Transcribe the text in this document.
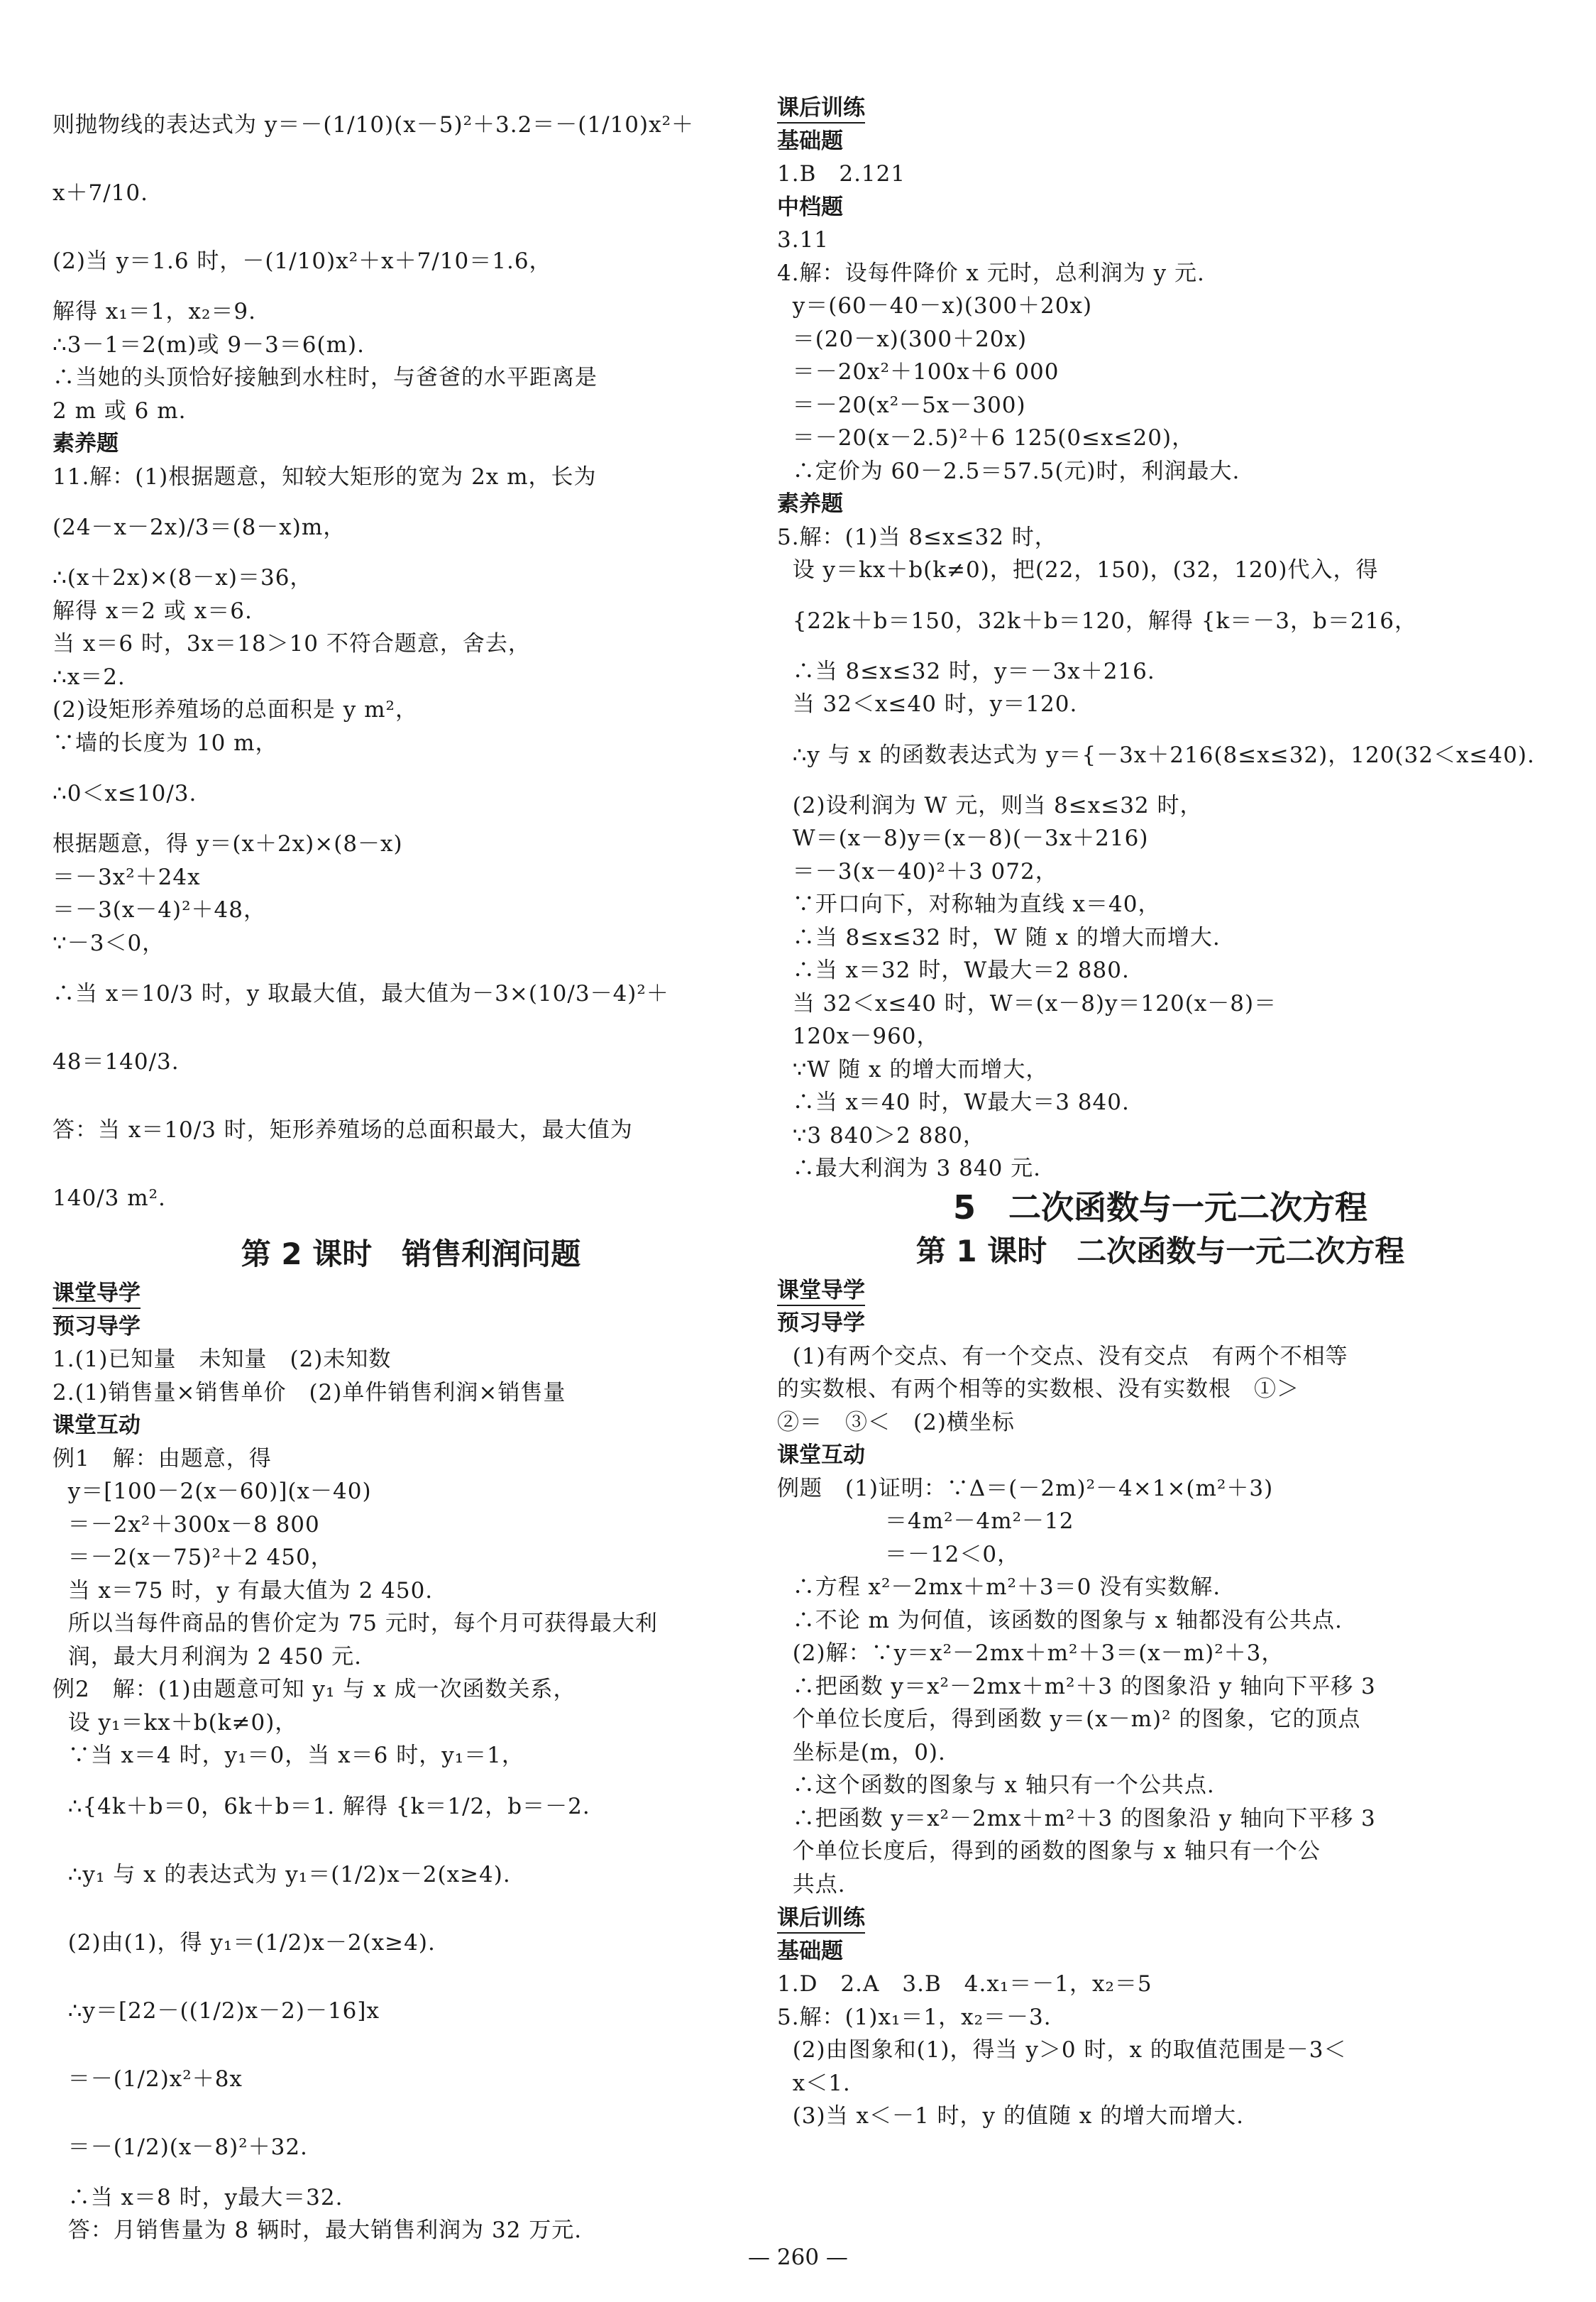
则抛物线的表达式为 y＝－(1/10)(x－5)²＋3.2＝－(1/10)x²＋
x＋7/10.
(2)当 y＝1.6 时，－(1/10)x²＋x＋7/10＝1.6，
解得 x₁＝1，x₂＝9.
∴3－1＝2(m)或 9－3＝6(m).
∴当她的头顶恰好接触到水柱时，与爸爸的水平距离是
2 m 或 6 m.
素养题
11.解：(1)根据题意，知较大矩形的宽为 2x m，长为
(24－x－2x)/3＝(8－x)m，
∴(x＋2x)×(8－x)＝36，
解得 x＝2 或 x＝6.
当 x＝6 时，3x＝18＞10 不符合题意，舍去，
∴x＝2.
(2)设矩形养殖场的总面积是 y m²，
∵墙的长度为 10 m，
∴0＜x≤10/3.
根据题意，得 y＝(x＋2x)×(8－x)
＝－3x²＋24x
＝－3(x－4)²＋48，
∵－3＜0，
∴当 x＝10/3 时，y 取最大值，最大值为－3×(10/3－4)²＋
48＝140/3.
答：当 x＝10/3 时，矩形养殖场的总面积最大，最大值为
140/3 m².
第 2 课时　销售利润问题
课堂导学
预习导学
1.(1)已知量　未知量　(2)未知数
2.(1)销售量×销售单价　(2)单件销售利润×销售量
课堂互动
例1　解：由题意，得
y＝[100－2(x－60)](x－40)
＝－2x²＋300x－8 800
＝－2(x－75)²＋2 450，
当 x＝75 时，y 有最大值为 2 450.
所以当每件商品的售价定为 75 元时，每个月可获得最大利
润，最大月利润为 2 450 元.
例2　解：(1)由题意可知 y₁ 与 x 成一次函数关系，
设 y₁＝kx＋b(k≠0)，
∵当 x＝4 时，y₁＝0，当 x＝6 时，y₁＝1，
∴{4k＋b＝0，6k＋b＝1. 解得 {k＝1/2，b＝－2.
∴y₁ 与 x 的表达式为 y₁＝(1/2)x－2(x≥4).
(2)由(1)，得 y₁＝(1/2)x－2(x≥4).
∴y＝[22－((1/2)x－2)－16]x
＝－(1/2)x²＋8x
＝－(1/2)(x－8)²＋32.
∴当 x＝8 时，y最大＝32.
答：月销售量为 8 辆时，最大销售利润为 32 万元.
课后训练
基础题
1.B　2.121
中档题
3.11
4.解：设每件降价 x 元时，总利润为 y 元.
y＝(60－40－x)(300＋20x)
＝(20－x)(300＋20x)
＝－20x²＋100x＋6 000
＝－20(x²－5x－300)
＝－20(x－2.5)²＋6 125(0≤x≤20)，
∴定价为 60－2.5＝57.5(元)时，利润最大.
素养题
5.解：(1)当 8≤x≤32 时，
设 y＝kx＋b(k≠0)，把(22，150)，(32，120)代入，得
{22k＋b＝150，32k＋b＝120，解得 {k＝－3，b＝216，
∴当 8≤x≤32 时，y＝－3x＋216.
当 32＜x≤40 时，y＝120.
∴y 与 x 的函数表达式为 y＝{－3x＋216(8≤x≤32)，120(32＜x≤40).
(2)设利润为 W 元，则当 8≤x≤32 时，
W＝(x－8)y＝(x－8)(－3x＋216)
＝－3(x－40)²＋3 072，
∵开口向下，对称轴为直线 x＝40，
∴当 8≤x≤32 时，W 随 x 的增大而增大.
∴当 x＝32 时，W最大＝2 880.
当 32＜x≤40 时，W＝(x－8)y＝120(x－8)＝
120x－960，
∵W 随 x 的增大而增大，
∴当 x＝40 时，W最大＝3 840.
∵3 840＞2 880，
∴最大利润为 3 840 元.
5　二次函数与一元二次方程
第 1 课时　二次函数与一元二次方程
课堂导学
预习导学
(1)有两个交点、有一个交点、没有交点　有两个不相等
的实数根、有两个相等的实数根、没有实数根　①＞
②＝　③＜　(2)横坐标
课堂互动
例题　(1)证明：∵Δ＝(－2m)²－4×1×(m²＋3)
＝4m²－4m²－12
＝－12＜0，
∴方程 x²－2mx＋m²＋3＝0 没有实数解.
∴不论 m 为何值，该函数的图象与 x 轴都没有公共点.
(2)解：∵y＝x²－2mx＋m²＋3＝(x－m)²＋3，
∴把函数 y＝x²－2mx＋m²＋3 的图象沿 y 轴向下平移 3
个单位长度后，得到函数 y＝(x－m)² 的图象，它的顶点
坐标是(m，0).
∴这个函数的图象与 x 轴只有一个公共点.
∴把函数 y＝x²－2mx＋m²＋3 的图象沿 y 轴向下平移 3
个单位长度后，得到的函数的图象与 x 轴只有一个公
共点.
课后训练
基础题
1.D　2.A　3.B　4.x₁＝－1，x₂＝5
5.解：(1)x₁＝1，x₂＝－3.
(2)由图象和(1)，得当 y＞0 时，x 的取值范围是－3＜
x＜1.
(3)当 x＜－1 时，y 的值随 x 的增大而增大.
— 260 —
